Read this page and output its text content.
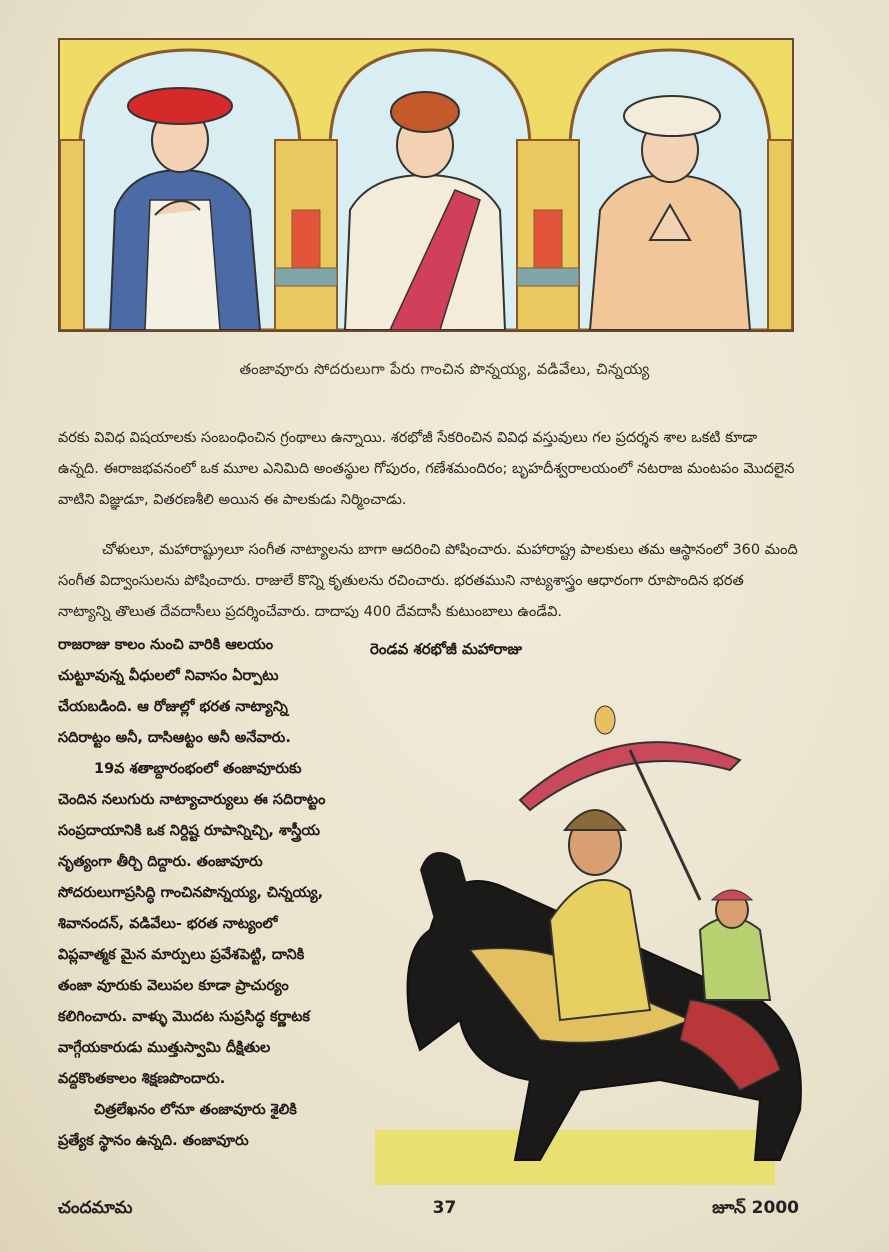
తంజావూరు సోదరులుగా పేరు గాంచిన పొన్నయ్య, వడివేలు, చిన్నయ్య

వరకు వివిధ విషయాలకు సంబంధించిన గ్రంథాలు ఉన్నాయి. శరభోజీ సేకరించిన వివిధ వస్తువులు గల ప్రదర్శన శాల ఒకటి కూడా ఉన్నది. ఈరాజభవనంలో ఒక మూల ఎనిమిది అంతస్థుల గోపురం, గణేశమందిరం; బృహదీశ్వరాలయంలో నటరాజ మంటపం మొదలైన వాటిని విజ్ఞుడూ, వితరణశీలి అయిన ఈ పాలకుడు నిర్మించాడు.

చోళులూ, మహారాష్ట్రులూ సంగీత నాట్యాలను బాగా ఆదరించి పోషించారు. మహారాష్ట్ర పాలకులు తమ ఆస్థానంలో 360 మంది సంగీత విద్వాంసులను పోషించారు. రాజులే కొన్ని కృతులను రచించారు. భరతముని నాట్యశాస్త్రం ఆధారంగా రూపొందిన భరత నాట్యాన్ని తొలుత దేవదాసీలు ప్రదర్శించేవారు. దాదాపు 400 దేవదాసీ కుటుంబాలు ఉండేవి.

రాజరాజు కాలం నుంచి వారికి ఆలయం చుట్టూవున్న వీధులలో నివాసం ఏర్పాటు చేయబడింది. ఆ రోజుల్లో భరత నాట్యాన్ని సదిరాట్టం అనీ, దాసిఆట్టం అనీ అనేవారు.

19వ శతాబ్దారంభంలో తంజావూరుకు చెందిన నలుగురు నాట్యాచార్యులు ఈ సదిరాట్టం సంప్రదాయానికి ఒక నిర్దిష్ట రూపాన్నిచ్చి, శాస్త్రీయ నృత్యంగా తీర్చి దిద్దారు. తంజావూరు సోదరులుగాప్రసిద్ధి గాంచినపొన్నయ్య, చిన్నయ్య, శివానందన్, వడివేలు- భరత నాట్యంలో విప్లవాత్మక మైన మార్పులు ప్రవేశపెట్టి, దానికి తంజా వూరుకు వెలుపల కూడా ప్రాచుర్యం కలిగించారు. వాళ్ళు మొదట సుప్రసిద్ధ కర్ణాటక వాగ్గేయకారుడు ముత్తుస్వామి దీక్షితుల వద్దకొంతకాలం శిక్షణపొందారు.

చిత్రలేఖనం లోనూ తంజావూరు శైలికి ప్రత్యేక స్థానం ఉన్నది. తంజావూరు

రెండవ శరభోజీ మహారాజు
చందమామ	37	జూన్ 2000
